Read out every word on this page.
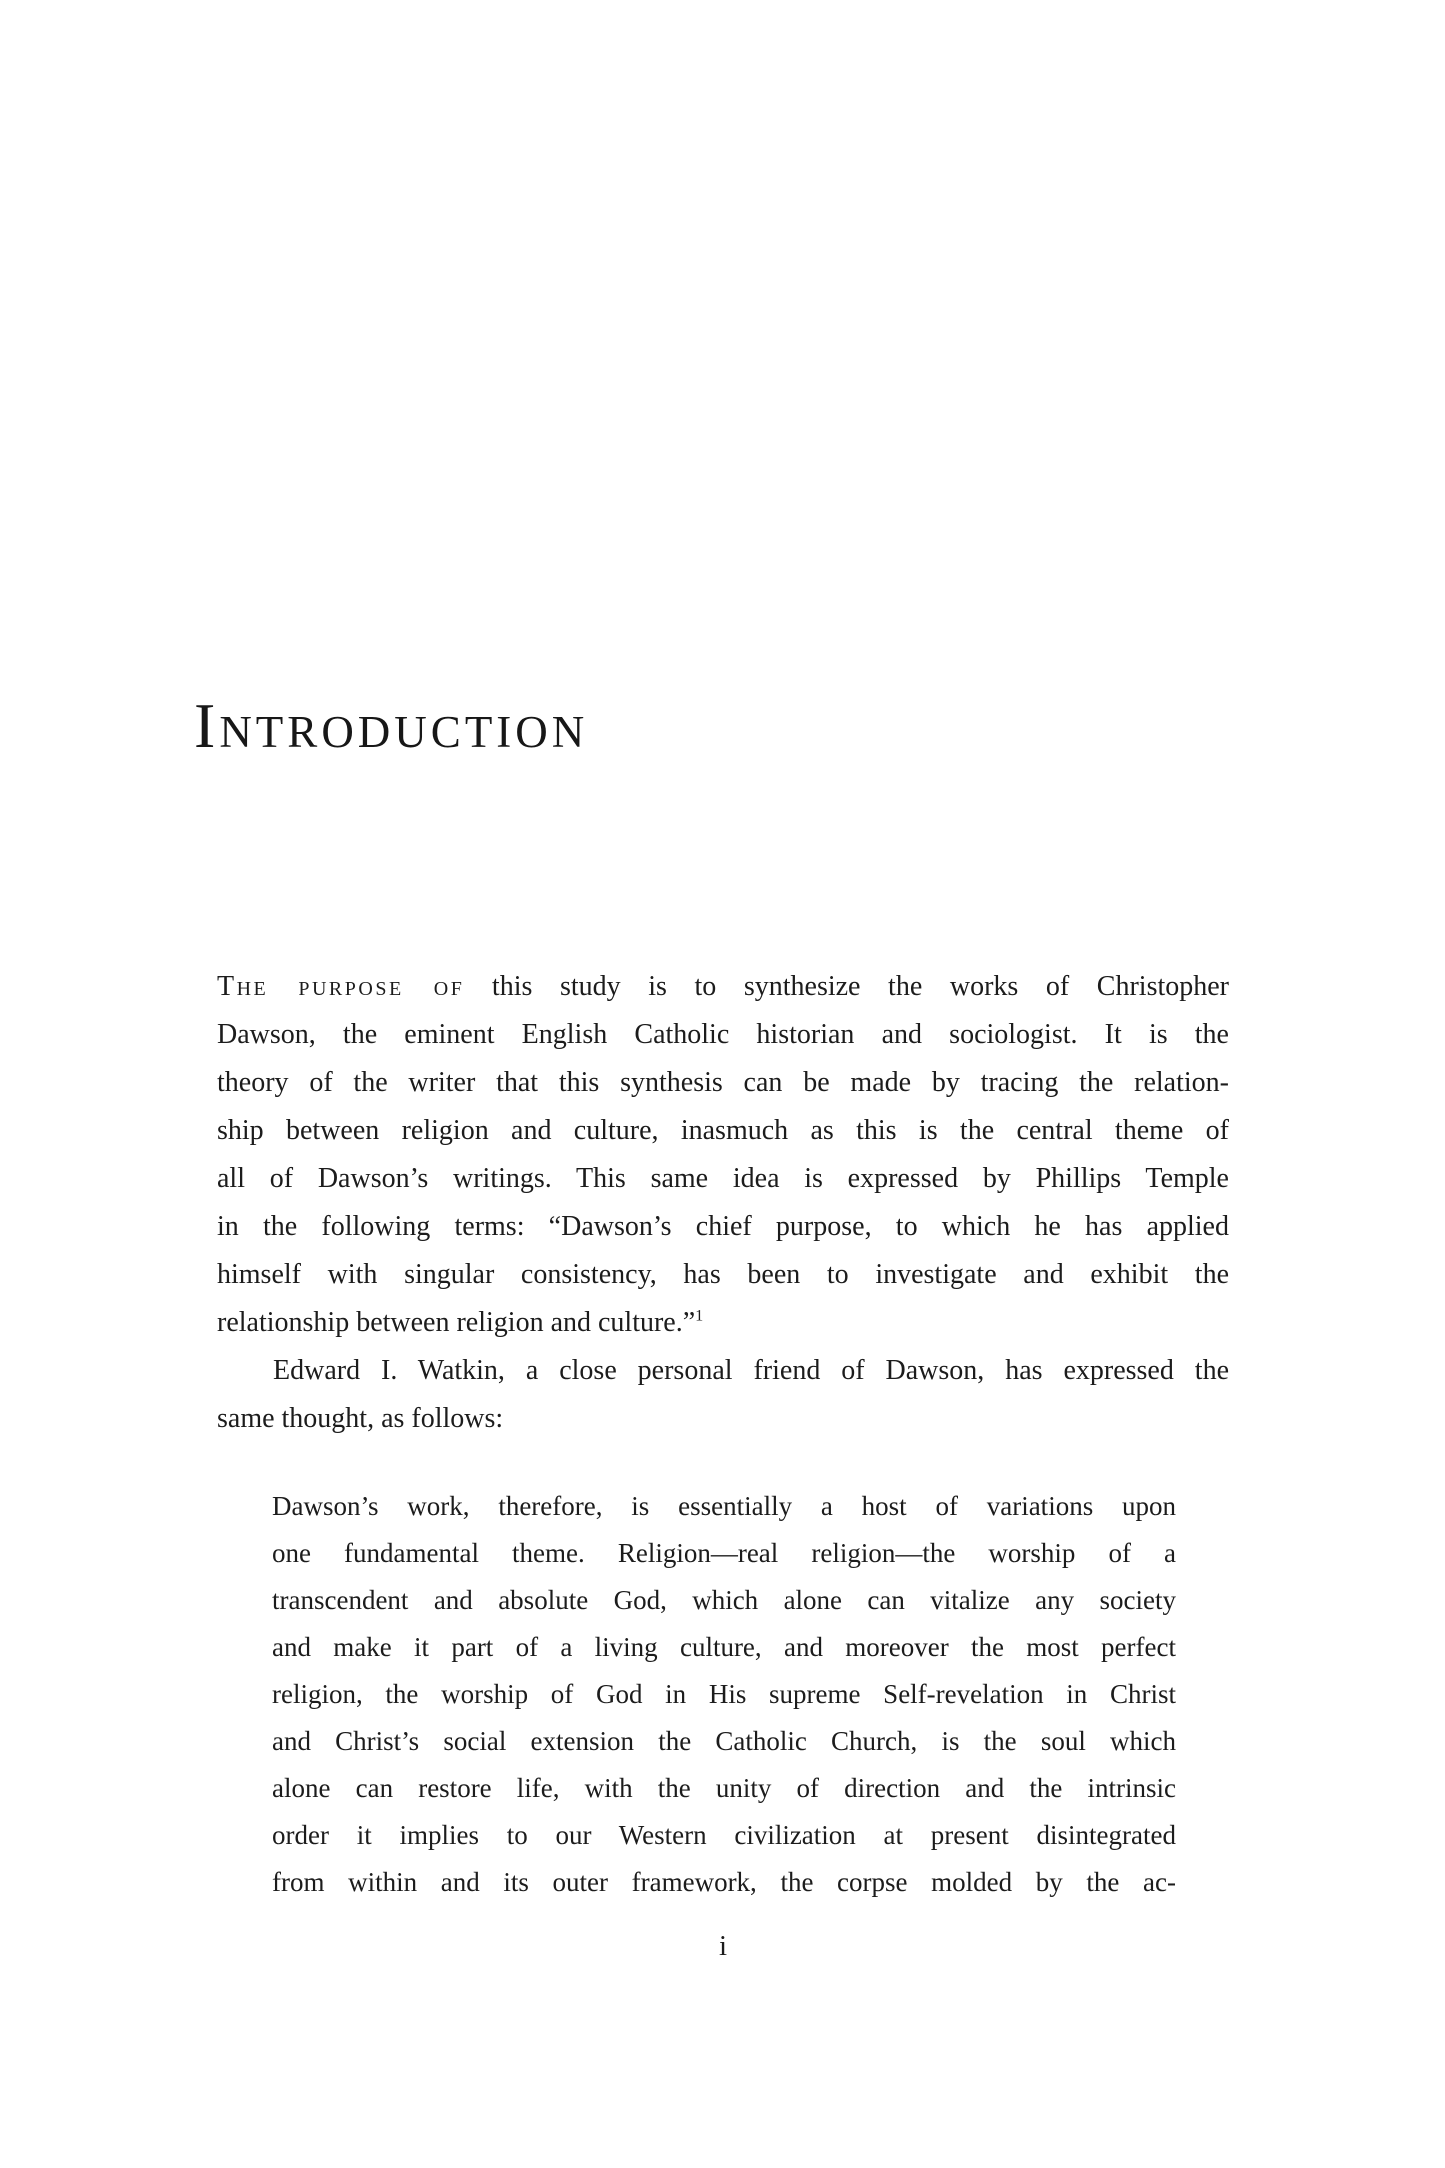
Introduction
The purpose of this study is to synthesize the works of Christopher
Dawson, the eminent English Catholic historian and sociologist. It is the
theory of the writer that this synthesis can be made by tracing the relation-
ship between religion and culture, inasmuch as this is the central theme of
all of Dawson’s writings. This same idea is expressed by Phillips Temple
in the following terms: “Dawson’s chief purpose, to which he has applied
himself with singular consistency, has been to investigate and exhibit the
relationship between religion and culture.”$^1$
Edward I. Watkin, a close personal friend of Dawson, has expressed the
same thought, as follows:
Dawson’s work, therefore, is essentially a host of variations upon
one fundamental theme. Religion—real religion—the worship of a
transcendent and absolute God, which alone can vitalize any society
and make it part of a living culture, and moreover the most perfect
religion, the worship of God in His supreme Self-revelation in Christ
and Christ’s social extension the Catholic Church, is the soul which
alone can restore life, with the unity of direction and the intrinsic
order it implies to our Western civilization at present disintegrated
from within and its outer framework, the corpse molded by the ac-
i
